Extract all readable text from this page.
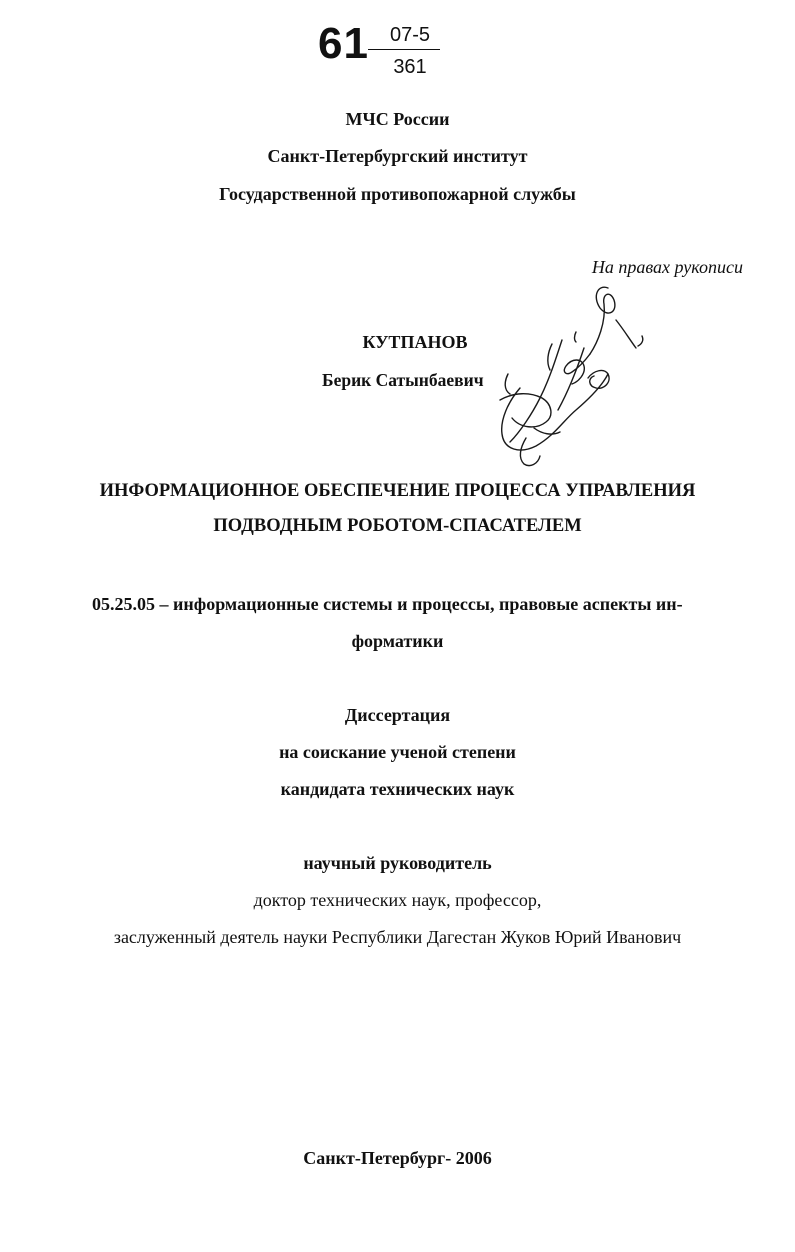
61 07-5
361
МЧС России
Санкт-Петербургский институт
Государственной противопожарной службы
На правах рукописи
КУТПАНОВ
Берик Сатынбаевич
ИНФОРМАЦИОННОЕ ОБЕСПЕЧЕНИЕ ПРОЦЕССА УПРАВЛЕНИЯ
ПОДВОДНЫМ РОБОТОМ-СПАСАТЕЛЕМ
05.25.05 – информационные системы и процессы, правовые аспекты ин-
форматики
Диссертация
на соискание ученой степени
кандидата технических наук
научный руководитель
доктор технических наук, профессор,
заслуженный деятель науки Республики Дагестан Жуков Юрий Иванович
Санкт-Петербург- 2006
